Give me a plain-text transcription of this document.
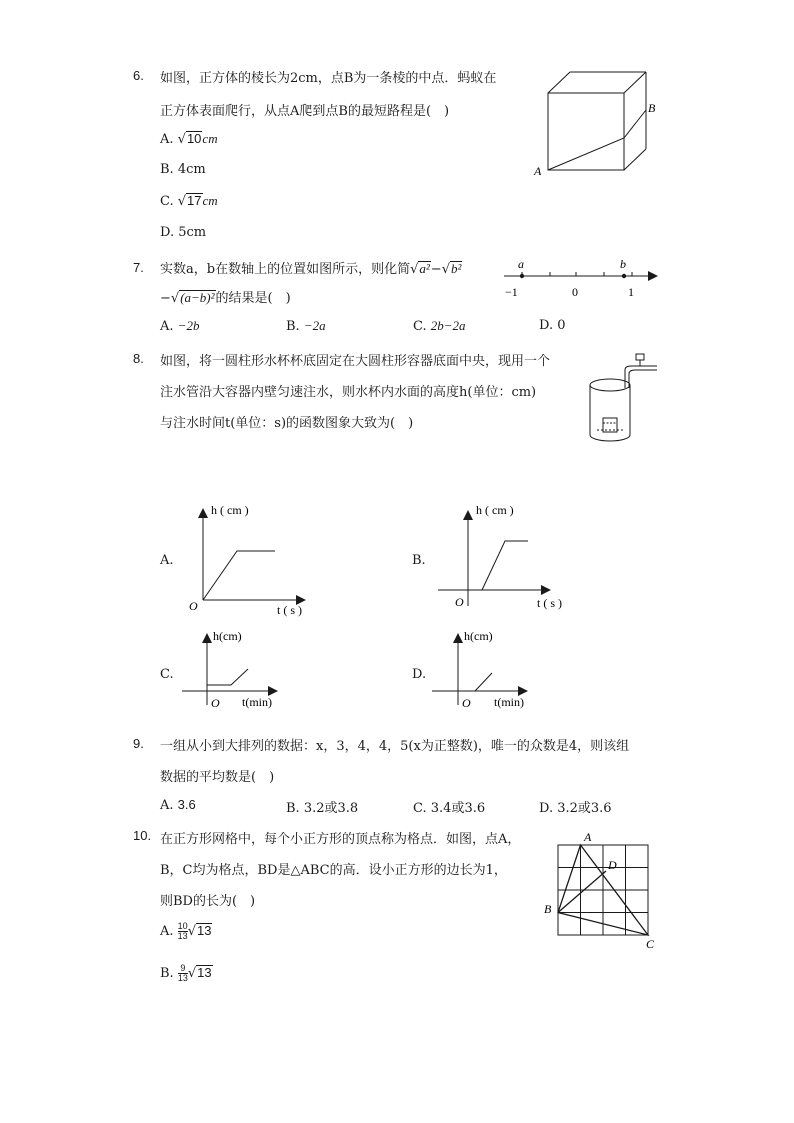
6. 如图，正方体的棱长为2cm，点B为一条棱的中点．蚂蚁在
正方体表面爬行，从点A爬到点B的最短路程是(　)
A. √10cm
B. 4cm
C. √17cm
D. 5cm
A
B
7. 实数a，b在数轴上的位置如图所示，则化简√a²−√b²
−√(a−b)²的结果是(　)
A. −2b	B. −2a	C. 2b−2a	D. 0
a	b
−1	0	1
8. 如图，将一圆柱形水杯杯底固定在大圆柱形容器底面中央，现用一个
注水管沿大容器内壁匀速注水，则水杯内水面的高度h(单位：cm)
与注水时间t(单位：s)的函数图象大致为(　)
A.
h ( cm )
t ( s )
O
B.
h ( cm )
t ( s )
O
C.
h(cm)
t(min)
O
D.
h(cm)
t(min)
O
9. 一组从小到大排列的数据：x，3，4，4，5(x为正整数)，唯一的众数是4，则该组
数据的平均数是(　)
A. 3.6	B. 3.2或3.8	C. 3.4或3.6	D. 3.2或3.6
10. 在正方形网格中，每个小正方形的顶点称为格点．如图，点A，
B，C均为格点，BD是△ABC的高．设小正方形的边长为1，
则BD的长为(　)
A. $\frac{10}{13} √13$
B. $\frac{9}{13} √13$
A
B
C
D
